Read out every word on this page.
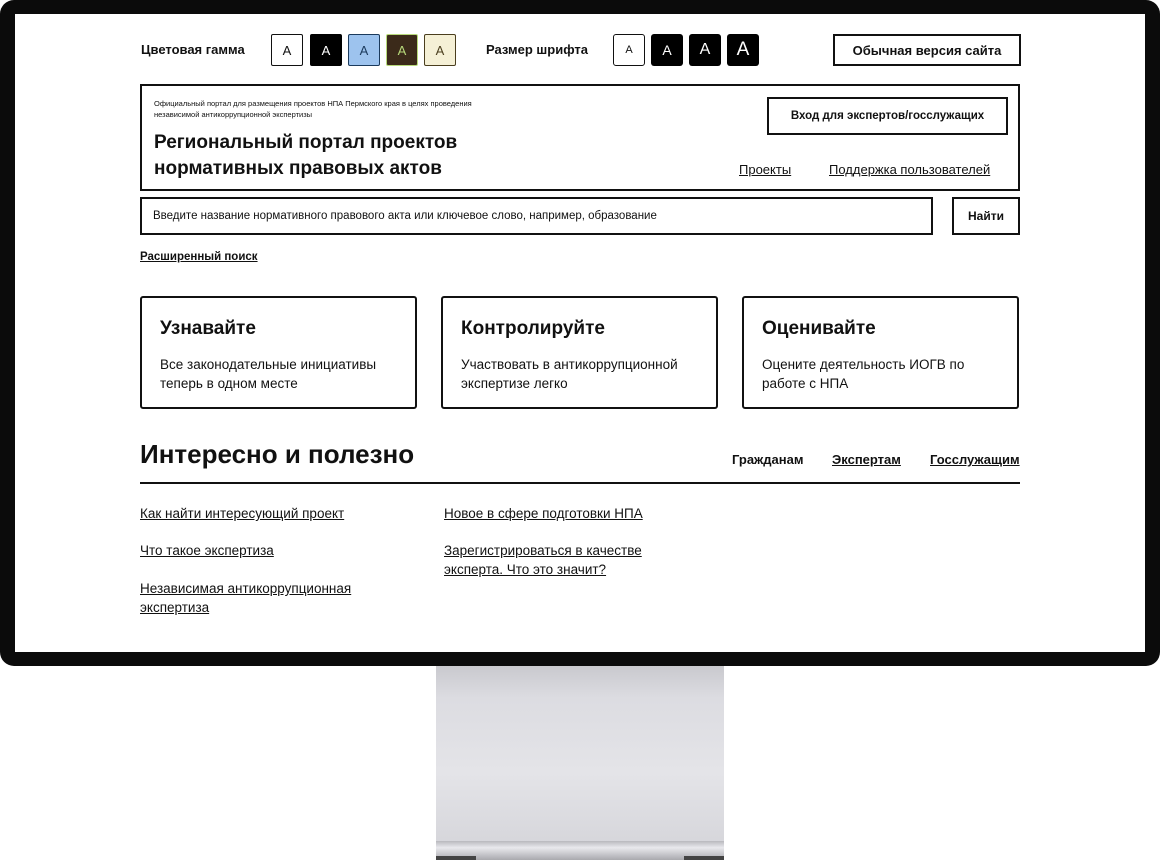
Цветовая гамма	A A A A A	Размер шрифта	A A A A	Обычная версия сайта
Официальный портал для размещения проектов НПА Пермского края в целях проведения независимой антикоррупционной экспертизы
Региональный портал проектов нормативных правовых актов
Вход для экспертов/госслужащих
Проекты	Поддержка пользователей
Введите название нормативного правового акта или ключевое слово, например, образование	Найти
Расширенный поиск
Узнавайте
Все законодательные инициативы теперь в одном месте
Контролируйте
Участвовать в антикоррупционной экспертизе легко
Оценивайте
Оцените деятельность ИОГВ по работе с НПА
Интересно и полезно	Гражданам Экспертам Госслужащим
Как найти интересующий проект
Что такое экспертиза
Независимая антикоррупционная экспертиза
Новое в сфере подготовки НПА
Зарегистрироваться в качестве эксперта. Что это значит?
